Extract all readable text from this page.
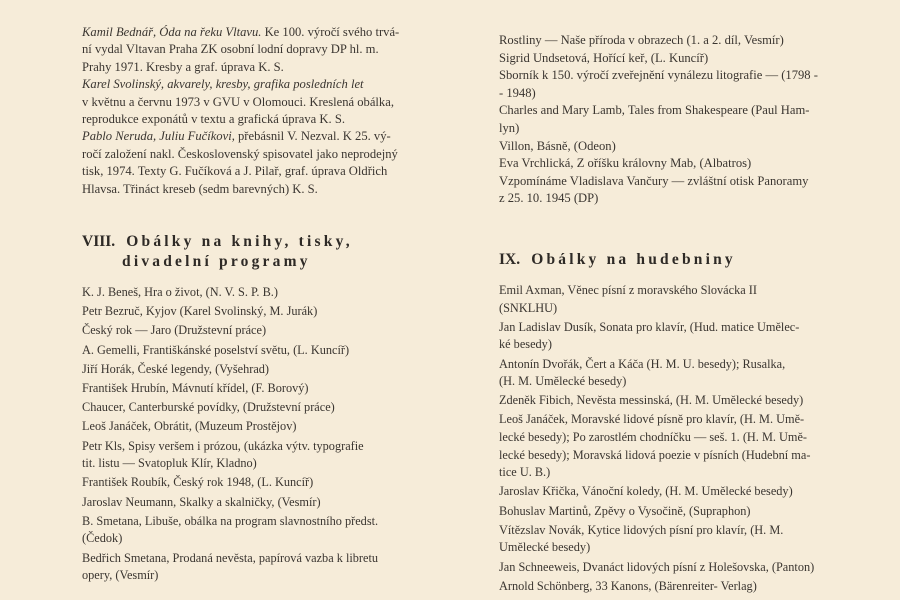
Kamil Bednář, Óda na řeku Vltavu. Ke 100. výročí svého trvá-
ní vydal Vltavan Praha ZK osobní lodní dopravy DP hl. m.
Prahy 1971. Kresby a graf. úprava K. S.
Karel Svolinský, akvarely, kresby, grafika posledních let
v květnu a červnu 1973 v GVU v Olomouci. Kreslená obálka,
reprodukce exponátů v textu a grafická úprava K. S.
Pablo Neruda, Juliu Fučíkovi, přebásnil V. Nezval. K 25. vý-
ročí založení nakl. Československý spisovatel jako neprodejný
tisk, 1974. Texty G. Fučíková a J. Pilař, graf. úprava Oldřich
Hlavsa. Třináct kreseb (sedm barevných) K. S.
VIII. Obálky na knihy, tisky,
divadelní programy
K. J. Beneš, Hra o život, (N. V. S. P. B.)
Petr Bezruč, Kyjov (Karel Svolinský, M. Jurák)
Český rok — Jaro (Družstevní práce)
A. Gemelli, Františkánské poselství světu, (L. Kuncíř)
Jiří Horák, České legendy, (Vyšehrad)
František Hrubín, Mávnutí křídel, (F. Borový)
Chaucer, Canterburské povídky, (Družstevní práce)
Leoš Janáček, Obrátit, (Muzeum Prostějov)
Petr Kls, Spisy veršem i prózou, (ukázka výtv. typografie
tit. listu — Svatopluk Klír, Kladno)
František Roubík, Český rok 1948, (L. Kuncíř)
Jaroslav Neumann, Skalky a skalničky, (Vesmír)
B. Smetana, Libuše, obálka na program slavnostního předst.
(Čedok)
Bedřich Smetana, Prodaná nevěsta, papírová vazba k libretu
opery, (Vesmír)
Rostliny — Naše příroda v obrazech (1. a 2. díl, Vesmír)
Sigrid Undsetová, Hořící keř, (L. Kuncíř)
Sborník k 150. výročí zveřejnění vynálezu litografie — (1798 -
- 1948)
Charles and Mary Lamb, Tales from Shakespeare (Paul Ham-
lyn)
Villon, Básně, (Odeon)
Eva Vrchlická, Z oříšku královny Mab, (Albatros)
Vzpomínáme Vladislava Vančury — zvláštní otisk Panoramy
z 25. 10. 1945 (DP)
IX. Obálky na hudebniny
Emil Axman, Věnec písní z moravského Slovácka II
(SNKLHU)
Jan Ladislav Dusík, Sonata pro klavír, (Hud. matice Umělec-
ké besedy)
Antonín Dvořák, Čert a Káča (H. M. U. besedy); Rusalka,
(H. M. Umělecké besedy)
Zdeněk Fibich, Nevěsta messinská, (H. M. Umělecké besedy)
Leoš Janáček, Moravské lidové písně pro klavír, (H. M. Umě-
lecké besedy); Po zarostlém chodníčku — seš. 1. (H. M. Umě-
lecké besedy); Moravská lidová poezie v písních (Hudební ma-
tice U. B.)
Jaroslav Křička, Vánoční koledy, (H. M. Umělecké besedy)
Bohuslav Martinů, Zpěvy o Vysočině, (Supraphon)
Vítězslav Novák, Kytice lidových písní pro klavír, (H. M.
Umělecké besedy)
Jan Schneeweis, Dvanáct lidových písní z Holešovska, (Panton)
Arnold Schönberg, 33 Kanons, (Bärenreiter- Verlag)
